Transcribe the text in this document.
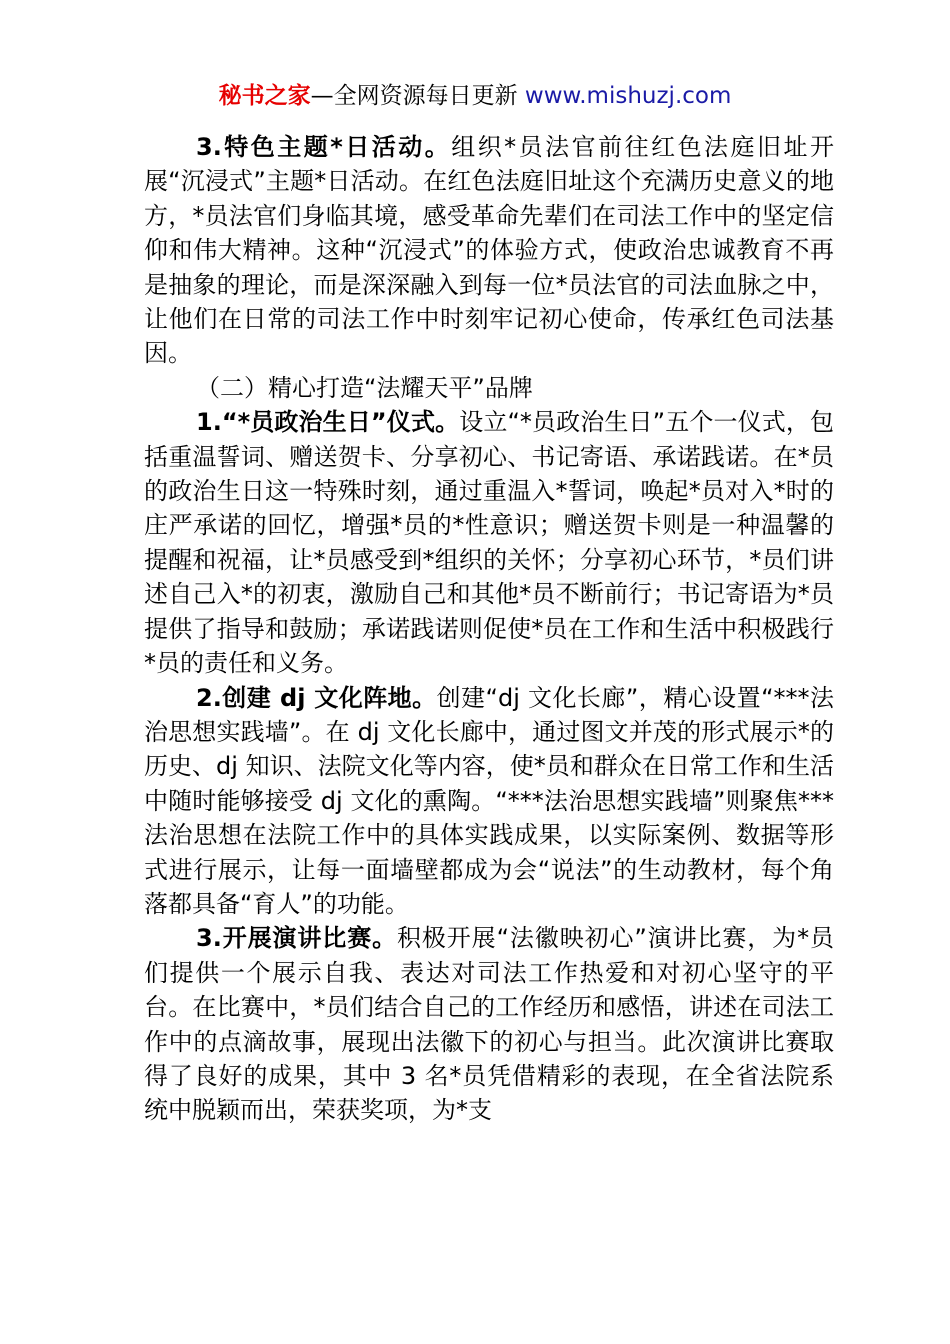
秘书之家—全网资源每日更新 www.mishuzj.com

3.特色主题*日活动。组织*员法官前往红色法庭旧址开展“沉浸式”主题*日活动。在红色法庭旧址这个充满历史意义的地方，*员法官们身临其境，感受革命先辈们在司法工作中的坚定信仰和伟大精神。这种“沉浸式”的体验方式，使政治忠诚教育不再是抽象的理论，而是深深融入到每一位*员法官的司法血脉之中，让他们在日常的司法工作中时刻牢记初心使命，传承红色司法基因。

（二）精心打造“法耀天平”品牌

1.“*员政治生日”仪式。设立“*员政治生日”五个一仪式，包括重温誓词、赠送贺卡、分享初心、书记寄语、承诺践诺。在*员的政治生日这一特殊时刻，通过重温入*誓词，唤起*员对入*时的庄严承诺的回忆，增强*员的*性意识；赠送贺卡则是一种温馨的提醒和祝福，让*员感受到*组织的关怀；分享初心环节，*员们讲述自己入*的初衷，激励自己和其他*员不断前行；书记寄语为*员提供了指导和鼓励；承诺践诺则促使*员在工作和生活中积极践行*员的责任和义务。

2.创建 dj 文化阵地。创建“dj 文化长廊”，精心设置“***法治思想实践墙”。在 dj 文化长廊中，通过图文并茂的形式展示*的历史、dj 知识、法院文化等内容，使*员和群众在日常工作和生活中随时能够接受 dj 文化的熏陶。“***法治思想实践墙”则聚焦***法治思想在法院工作中的具体实践成果，以实际案例、数据等形式进行展示，让每一面墙壁都成为会“说法”的生动教材，每个角落都具备“育人”的功能。

3.开展演讲比赛。积极开展“法徽映初心”演讲比赛，为*员们提供一个展示自我、表达对司法工作热爱和对初心坚守的平台。在比赛中，*员们结合自己的工作经历和感悟，讲述在司法工作中的点滴故事，展现出法徽下的初心与担当。此次演讲比赛取得了良好的成果，其中 3 名*员凭借精彩的表现，在全省法院系统中脱颖而出，荣获奖项，为*支
